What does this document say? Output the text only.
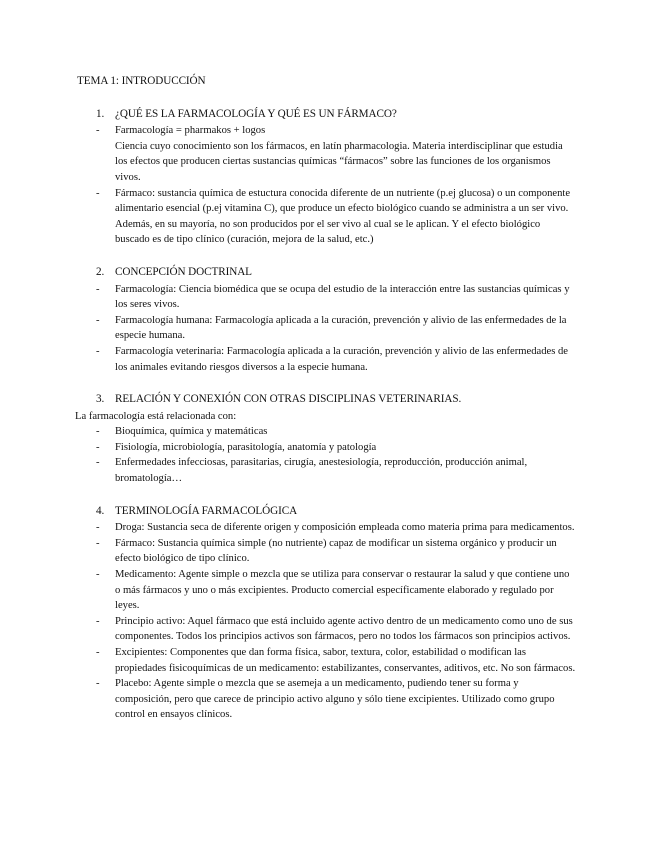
TEMA 1: INTRODUCCIÓN
1. ¿QUÉ ES LA FARMACOLOGÍA Y QUÉ ES UN FÁRMACO?
- Farmacología = pharmakos + logos
Ciencia cuyo conocimiento son los fármacos, en latín pharmacologia. Materia interdisciplinar que estudia los efectos que producen ciertas sustancias químicas “fármacos” sobre las funciones de los organismos vivos.
- Fármaco: sustancia química de estuctura conocida diferente de un nutriente (p.ej glucosa) o un componente alimentario esencial (p.ej vitamina C), que produce un efecto biológico cuando se administra a un ser vivo. Además, en su mayoría, no son producidos por el ser vivo al cual se le aplican. Y el efecto biológico buscado es de tipo clínico (curación, mejora de la salud, etc.)
2. CONCEPCIÓN DOCTRINAL
- Farmacología: Ciencia biomédica que se ocupa del estudio de la interacción entre las sustancias químicas y los seres vivos.
- Farmacología humana: Farmacología aplicada a la curación, prevención y alivio de las enfermedades de la especie humana.
- Farmacología veterinaria: Farmacología aplicada a la curación, prevención y alivio de las enfermedades de los animales evitando riesgos diversos a la especie humana.
3. RELACIÓN Y CONEXIÓN CON OTRAS DISCIPLINAS VETERINARIAS.

La farmacología está relacionada con:

- Bioquímica, química y matemáticas
- Fisiología, microbiología, parasitología, anatomía y patología
- Enfermedades infecciosas, parasitarias, cirugía, anestesiología, reproducción, producción animal, bromatología…
4. TERMINOLOGÍA FARMACOLÓGICA
- Droga: Sustancia seca de diferente origen y composición empleada como materia prima para medicamentos.
- Fármaco: Sustancia química simple (no nutriente) capaz de modificar un sistema orgánico y producir un efecto biológico de tipo clínico.
- Medicamento: Agente simple o mezcla que se utiliza para conservar o restaurar la salud y que contiene uno o más fármacos y uno o más excipientes. Producto comercial específicamente elaborado y regulado por leyes.
- Principio activo: Aquel fármaco que está incluido agente activo dentro de un medicamento como uno de sus componentes. Todos los principios activos son fármacos, pero no todos los fármacos son principios activos.
- Excipientes: Componentes que dan forma física, sabor, textura, color, estabilidad o modifican las propiedades fisicoquímicas de un medicamento: estabilizantes, conservantes, aditivos, etc. No son fármacos.
- Placebo: Agente simple o mezcla que se asemeja a un medicamento, pudiendo tener su forma y composición, pero que carece de principio activo alguno y sólo tiene excipientes. Utilizado como grupo control en ensayos clínicos.
